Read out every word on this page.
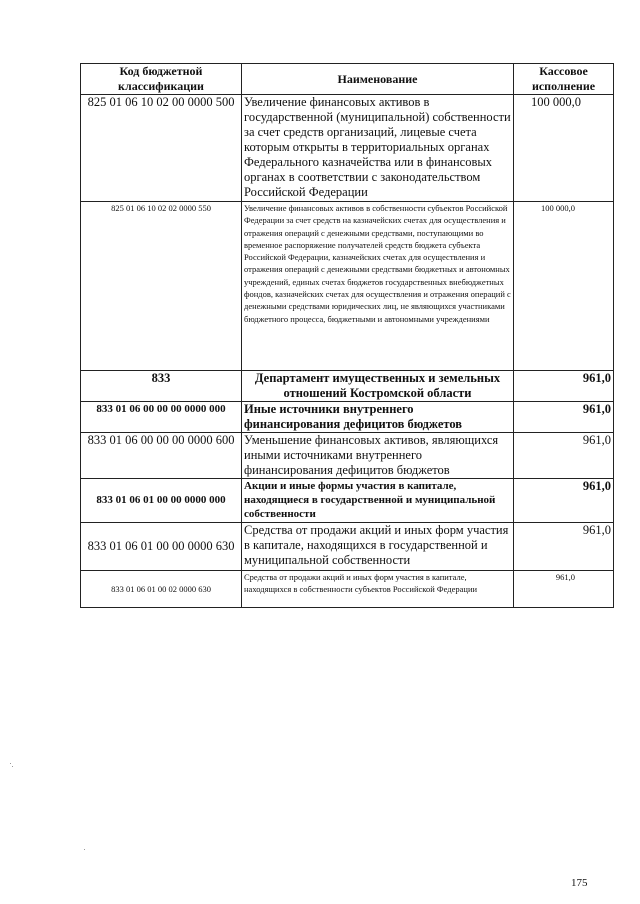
Код бюджетной классификации	Наименование	Кассовое исполнение
825 01 06 10 02 00 0000 500	Увеличение финансовых активов в государственной (муниципальной) собственности за счет средств организаций, лицевые счета которым открыты в территориальных органах Федерального казначейства или в финансовых органах в соответствии с законодательством Российской Федерации	100 000,0
825 01 06 10 02 02 0000 550	Увеличение финансовых активов в собственности субъектов Российской Федерации за счет средств на казначейских счетах для осуществления и отражения операций с денежными средствами, поступающими во временное распоряжение получателей средств бюджета субъекта Российской Федерации, казначейских счетах для осуществления и отражения операций с денежными средствами бюджетных и автономных учреждений, единых счетах бюджетов государственных внебюджетных фондов, казначейских счетах для осуществления и отражения операций с денежными средствами юридических лиц, не являющихся участниками бюджетного процесса, бюджетными и автономными учреждениями	100 000,0
833	Департамент имущественных и земельных отношений Костромской области	961,0
833 01 06 00 00 00 0000 000	Иные источники внутреннего финансирования дефицитов бюджетов	961,0
833 01 06 00 00 00 0000 600	Уменьшение финансовых активов, являющихся иными источниками внутреннего финансирования дефицитов бюджетов	961,0
833 01 06 01 00 00 0000 000	Акции и иные формы участия в капитале, находящиеся в государственной и муниципальной собственности	961,0
833 01 06 01 00 00 0000 630	Средства от продажи акций и иных форм участия в капитале, находящихся в государственной и муниципальной собственности	961,0
833 01 06 01 00 02 0000 630	Средства от продажи акций и иных форм участия в капитале, находящихся в собственности субъектов Российской Федерации	961,0
175
